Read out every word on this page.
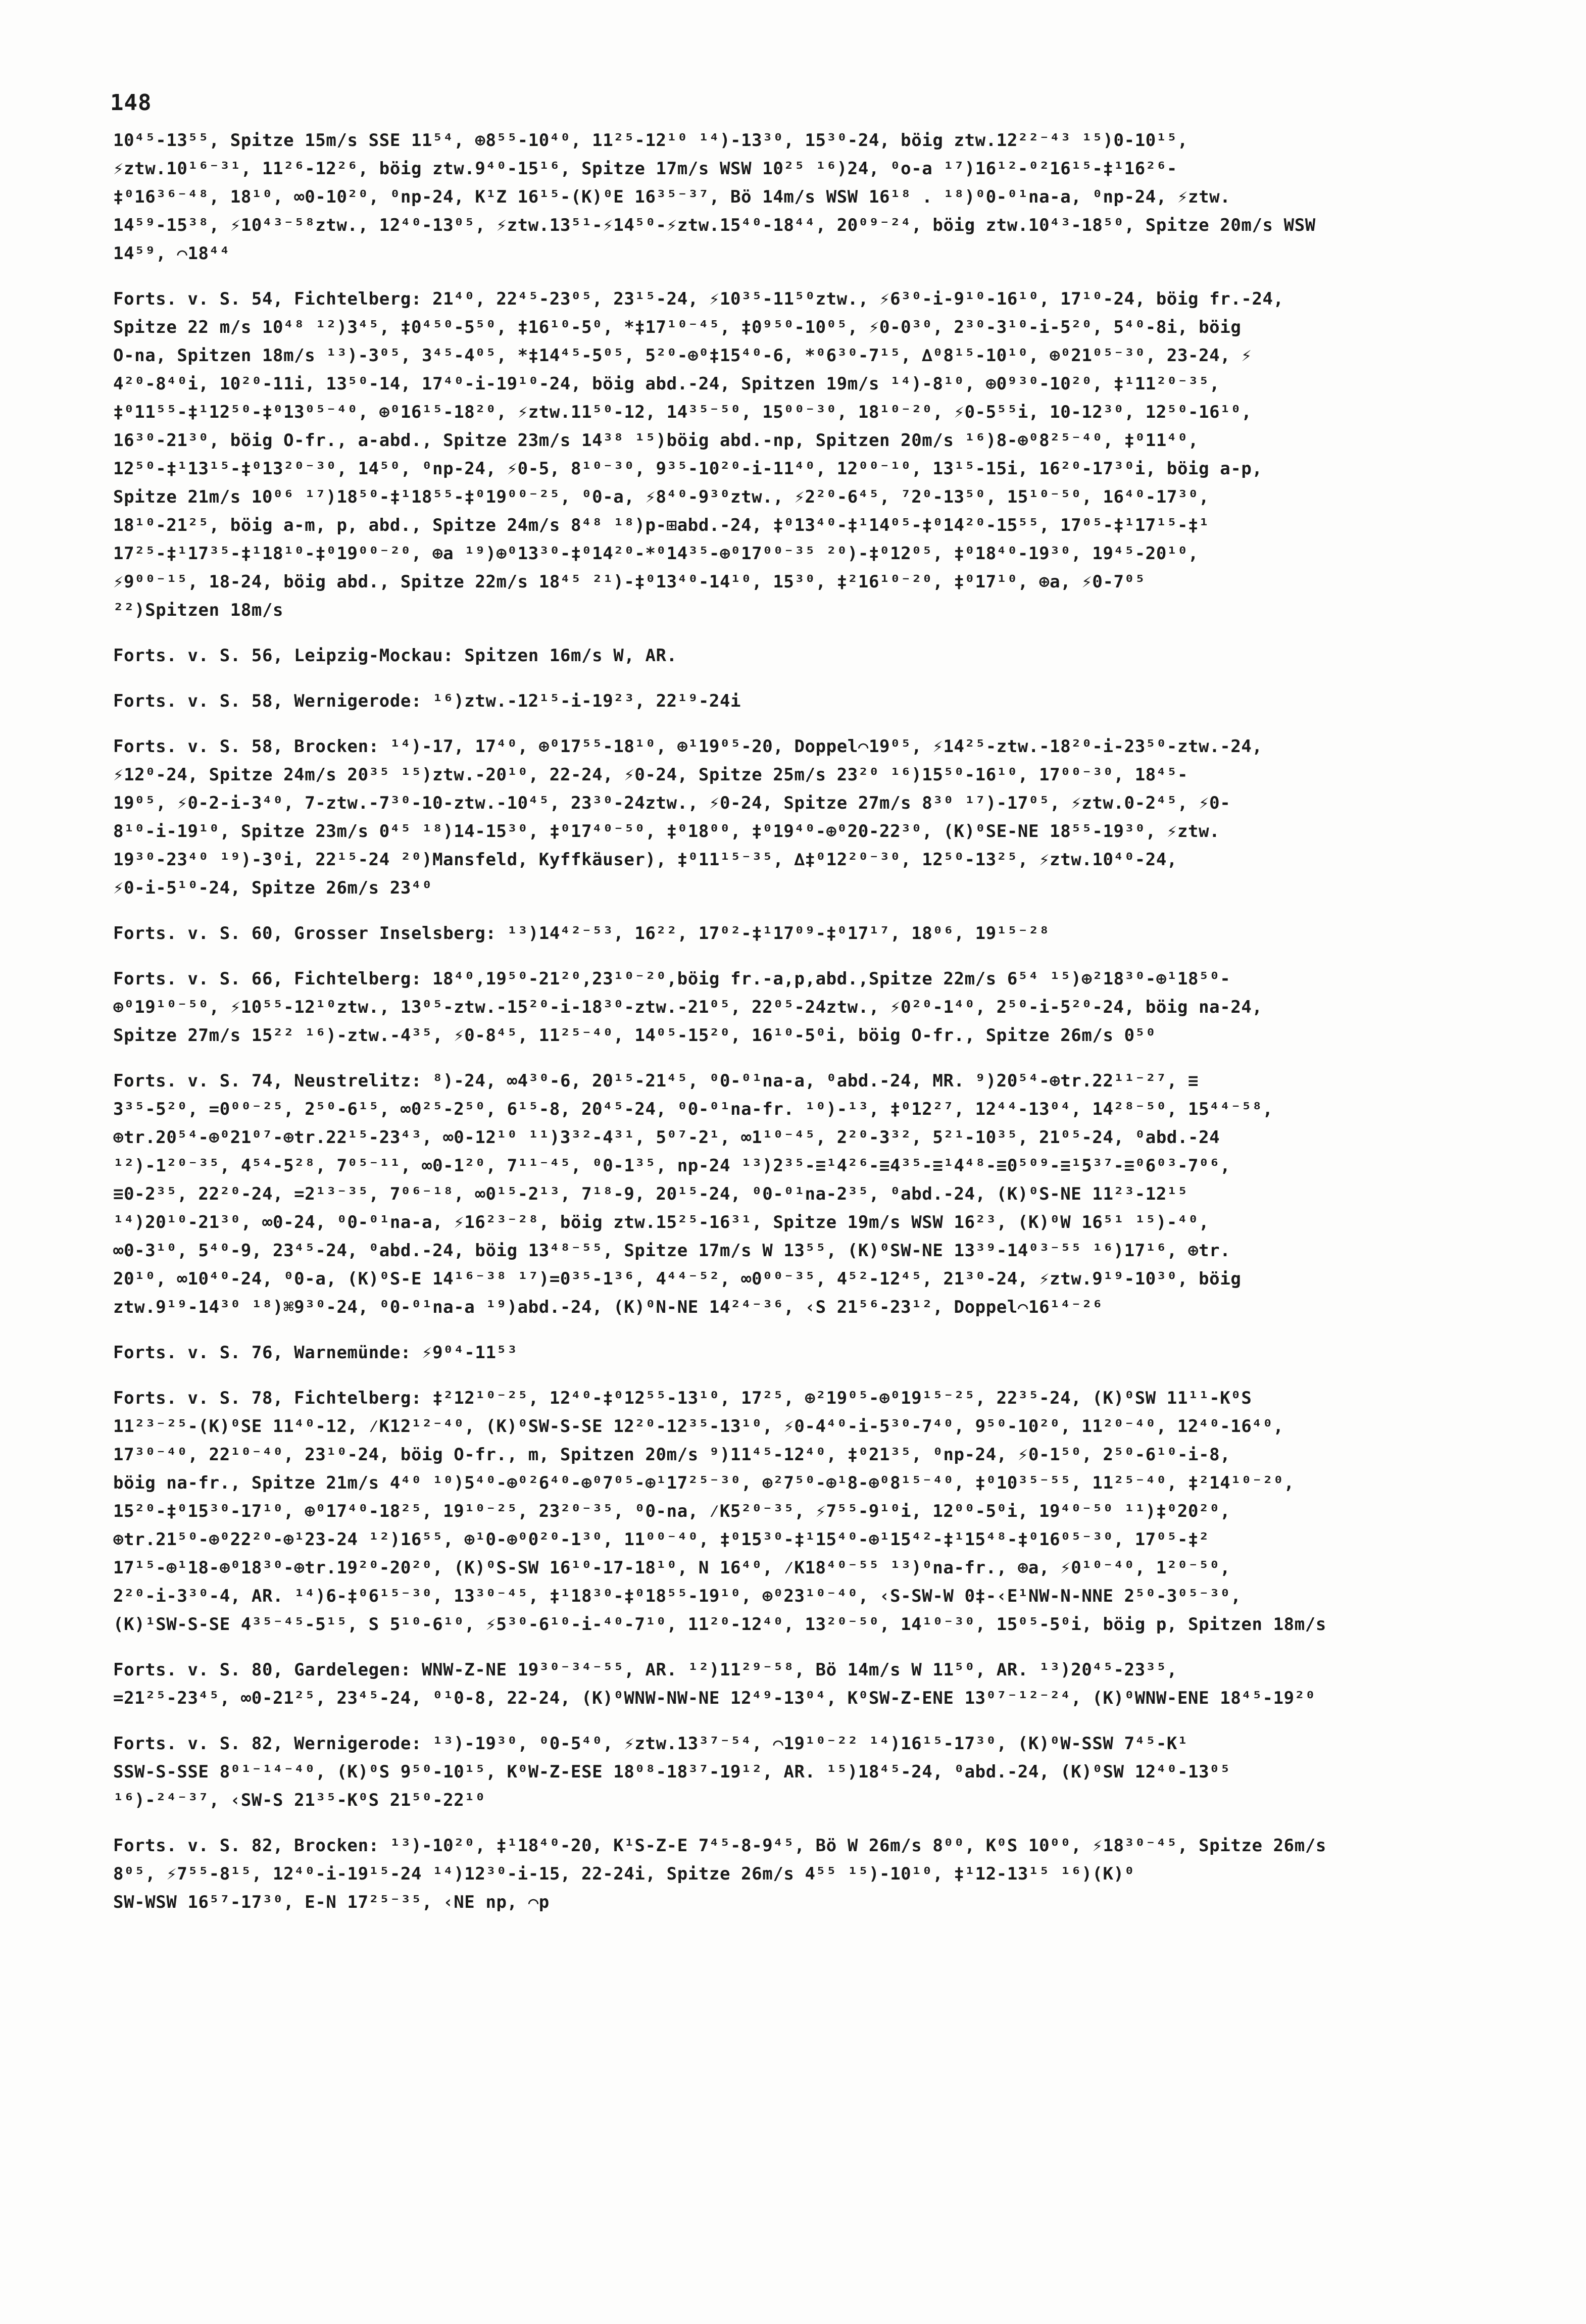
148

10⁴⁵-13⁵⁵, Spitze 15m/s SSE 11⁵⁴, ⊕8⁵⁵-10⁴⁰, 11²⁵-12¹⁰ ¹⁴)-13³⁰, 15³⁰-24, böig ztw.12²²⁻⁴³ ¹⁵)0-10¹⁵,

⚡ztw.10¹⁶⁻³¹, 11²⁶-12²⁶, böig ztw.9⁴⁰-15¹⁶, Spitze 17m/s WSW 10²⁵ ¹⁶)24, ⁰o-a ¹⁷)16¹²-⁰²16¹⁵-‡¹16²⁶-

‡⁰16³⁶⁻⁴⁸, 18¹⁰, ∞0-10²⁰, ⁰np-24, K¹Z 16¹⁵-(K)⁰E 16³⁵⁻³⁷, Bö 14m/s WSW 16¹⁸ . ¹⁸)⁰0-⁰¹na-a, ⁰np-24, ⚡ztw.

14⁵⁹-15³⁸, ⚡10⁴³⁻⁵⁸ztw., 12⁴⁰-13⁰⁵, ⚡ztw.13⁵¹-⚡14⁵⁰-⚡ztw.15⁴⁰-18⁴⁴, 20⁰⁹⁻²⁴, böig ztw.10⁴³-18⁵⁰, Spitze 20m/s WSW

14⁵⁹, ⌒18⁴⁴

Forts. v. S. 54, Fichtelberg: 21⁴⁰, 22⁴⁵-23⁰⁵, 23¹⁵-24, ⚡10³⁵-11⁵⁰ztw., ⚡6³⁰-i-9¹⁰-16¹⁰, 17¹⁰-24, böig fr.-24,

Spitze 22 m/s 10⁴⁸ ¹²)3⁴⁵, ‡0⁴⁵⁰-5⁵⁰, ‡16¹⁰-5⁰, *‡17¹⁰⁻⁴⁵, ‡0⁹⁵⁰-10⁰⁵, ⚡0-0³⁰, 2³⁰-3¹⁰-i-5²⁰, 5⁴⁰-8i, böig

O-na, Spitzen 18m/s ¹³)-3⁰⁵, 3⁴⁵-4⁰⁵, *‡14⁴⁵-5⁰⁵, 5²⁰-⊕⁰‡15⁴⁰-6, *⁰6³⁰-7¹⁵, ∆⁰8¹⁵-10¹⁰, ⊕⁰21⁰⁵⁻³⁰, 23-24, ⚡

4²⁰-8⁴⁰i, 10²⁰-11i, 13⁵⁰-14, 17⁴⁰-i-19¹⁰-24, böig abd.-24, Spitzen 19m/s ¹⁴)-8¹⁰, ⊕0⁹³⁰-10²⁰, ‡¹11²⁰⁻³⁵,

‡⁰11⁵⁵-‡¹12⁵⁰-‡⁰13⁰⁵⁻⁴⁰, ⊕⁰16¹⁵-18²⁰, ⚡ztw.11⁵⁰-12, 14³⁵⁻⁵⁰, 15⁰⁰⁻³⁰, 18¹⁰⁻²⁰, ⚡0-5⁵⁵i, 10-12³⁰, 12⁵⁰-16¹⁰,

16³⁰-21³⁰, böig O-fr., a-abd., Spitze 23m/s 14³⁸ ¹⁵)böig abd.-np, Spitzen 20m/s ¹⁶)8-⊕⁰8²⁵⁻⁴⁰, ‡⁰11⁴⁰,

12⁵⁰-‡¹13¹⁵-‡⁰13²⁰⁻³⁰, 14⁵⁰, ⁰np-24, ⚡0-5, 8¹⁰⁻³⁰, 9³⁵-10²⁰-i-11⁴⁰, 12⁰⁰⁻¹⁰, 13¹⁵-15i, 16²⁰-17³⁰i, böig a-p,

Spitze 21m/s 10⁰⁶ ¹⁷)18⁵⁰-‡¹18⁵⁵-‡⁰19⁰⁰⁻²⁵, ⁰0-a, ⚡8⁴⁰-9³⁰ztw., ⚡2²⁰-6⁴⁵, ⁷2⁰-13⁵⁰, 15¹⁰⁻⁵⁰, 16⁴⁰-17³⁰,

18¹⁰-21²⁵, böig a-m, p, abd., Spitze 24m/s 8⁴⁸ ¹⁸)p-⊞abd.-24, ‡⁰13⁴⁰-‡¹14⁰⁵-‡⁰14²⁰-15⁵⁵, 17⁰⁵-‡¹17¹⁵-‡¹

17²⁵-‡¹17³⁵-‡¹18¹⁰-‡⁰19⁰⁰⁻²⁰, ⊕a ¹⁹)⊕⁰13³⁰-‡⁰14²⁰-*⁰14³⁵-⊕⁰17⁰⁰⁻³⁵ ²⁰)-‡⁰12⁰⁵, ‡⁰18⁴⁰-19³⁰, 19⁴⁵-20¹⁰,

⚡9⁰⁰⁻¹⁵, 18-24, böig abd., Spitze 22m/s 18⁴⁵ ²¹)-‡⁰13⁴⁰-14¹⁰, 15³⁰, ‡²16¹⁰⁻²⁰, ‡⁰17¹⁰, ⊕a, ⚡0-7⁰⁵

²²)Spitzen 18m/s

Forts. v. S. 56, Leipzig-Mockau: Spitzen 16m/s W, AR.

Forts. v. S. 58, Wernigerode: ¹⁶)ztw.-12¹⁵-i-19²³, 22¹⁹-24i

Forts. v. S. 58, Brocken: ¹⁴)-17, 17⁴⁰, ⊕⁰17⁵⁵-18¹⁰, ⊕¹19⁰⁵-20, Doppel⌒19⁰⁵, ⚡14²⁵-ztw.-18²⁰-i-23⁵⁰-ztw.-24,

⚡12⁰-24, Spitze 24m/s 20³⁵ ¹⁵)ztw.-20¹⁰, 22-24, ⚡0-24, Spitze 25m/s 23²⁰ ¹⁶)15⁵⁰-16¹⁰, 17⁰⁰⁻³⁰, 18⁴⁵-

19⁰⁵, ⚡0-2-i-3⁴⁰, 7-ztw.-7³⁰-10-ztw.-10⁴⁵, 23³⁰-24ztw., ⚡0-24, Spitze 27m/s 8³⁰ ¹⁷)-17⁰⁵, ⚡ztw.0-2⁴⁵, ⚡0-

8¹⁰-i-19¹⁰, Spitze 23m/s 0⁴⁵ ¹⁸)14-15³⁰, ‡⁰17⁴⁰⁻⁵⁰, ‡⁰18⁰⁰, ‡⁰19⁴⁰-⊕⁰20-22³⁰, (K)⁰SE-NE 18⁵⁵-19³⁰, ⚡ztw.

19³⁰-23⁴⁰ ¹⁹)-3⁰i, 22¹⁵-24 ²⁰)Mansfeld, Kyffkäuser), ‡⁰11¹⁵⁻³⁵, ∆‡⁰12²⁰⁻³⁰, 12⁵⁰-13²⁵, ⚡ztw.10⁴⁰-24,

⚡0-i-5¹⁰-24, Spitze 26m/s 23⁴⁰

Forts. v. S. 60, Grosser Inselsberg: ¹³)14⁴²⁻⁵³, 16²², 17⁰²-‡¹17⁰⁹-‡⁰17¹⁷, 18⁰⁶, 19¹⁵⁻²⁸

Forts. v. S. 66, Fichtelberg: 18⁴⁰,19⁵⁰-21²⁰,23¹⁰⁻²⁰,böig fr.-a,p,abd.,Spitze 22m/s 6⁵⁴ ¹⁵)⊕²18³⁰-⊕¹18⁵⁰-

⊕⁰19¹⁰⁻⁵⁰, ⚡10⁵⁵-12¹⁰ztw., 13⁰⁵-ztw.-15²⁰-i-18³⁰-ztw.-21⁰⁵, 22⁰⁵-24ztw., ⚡0²⁰-1⁴⁰, 2⁵⁰-i-5²⁰-24, böig na-24,

Spitze 27m/s 15²² ¹⁶)-ztw.-4³⁵, ⚡0-8⁴⁵, 11²⁵⁻⁴⁰, 14⁰⁵-15²⁰, 16¹⁰-5⁰i, böig O-fr., Spitze 26m/s 0⁵⁰

Forts. v. S. 74, Neustrelitz: ⁸)-24, ∞4³⁰-6, 20¹⁵-21⁴⁵, ⁰0-⁰¹na-a, ⁰abd.-24, MR. ⁹)20⁵⁴-⊕tr.22¹¹⁻²⁷, ≡

3³⁵-5²⁰, =0⁰⁰⁻²⁵, 2⁵⁰-6¹⁵, ∞0²⁵-2⁵⁰, 6¹⁵-8, 20⁴⁵-24, ⁰0-⁰¹na-fr. ¹⁰)-¹³, ‡⁰12²⁷, 12⁴⁴-13⁰⁴, 14²⁸⁻⁵⁰, 15⁴⁴⁻⁵⁸,

⊕tr.20⁵⁴-⊕⁰21⁰⁷-⊕tr.22¹⁵-23⁴³, ∞0-12¹⁰ ¹¹)3³²-4³¹, 5⁰⁷-2¹, ∞1¹⁰⁻⁴⁵, 2²⁰-3³², 5²¹-10³⁵, 21⁰⁵-24, ⁰abd.-24

¹²)-1²⁰⁻³⁵, 4⁵⁴-5²⁸, 7⁰⁵⁻¹¹, ∞0-1²⁰, 7¹¹⁻⁴⁵, ⁰0-1³⁵, np-24 ¹³)2³⁵-≡¹4²⁶-≡4³⁵-≡¹4⁴⁸-≡0⁵⁰⁹-≡¹5³⁷-≡⁰6⁰³-7⁰⁶,

≡0-2³⁵, 22²⁰-24, =2¹³⁻³⁵, 7⁰⁶⁻¹⁸, ∞0¹⁵-2¹³, 7¹⁸-9, 20¹⁵-24, ⁰0-⁰¹na-2³⁵, ⁰abd.-24, (K)⁰S-NE 11²³-12¹⁵

¹⁴)20¹⁰-21³⁰, ∞0-24, ⁰0-⁰¹na-a, ⚡16²³⁻²⁸, böig ztw.15²⁵-16³¹, Spitze 19m/s WSW 16²³, (K)⁰W 16⁵¹ ¹⁵)-⁴⁰,

∞0-3¹⁰, 5⁴⁰-9, 23⁴⁵-24, ⁰abd.-24, böig 13⁴⁸⁻⁵⁵, Spitze 17m/s W 13⁵⁵, (K)⁰SW-NE 13³⁹-14⁰³⁻⁵⁵ ¹⁶)17¹⁶, ⊕tr.

20¹⁰, ∞10⁴⁰-24, ⁰0-a, (K)⁰S-E 14¹⁶⁻³⁸ ¹⁷)=0³⁵-1³⁶, 4⁴⁴⁻⁵², ∞0⁰⁰⁻³⁵, 4⁵²-12⁴⁵, 21³⁰-24, ⚡ztw.9¹⁹-10³⁰, böig

ztw.9¹⁹-14³⁰ ¹⁸)⌘9³⁰-24, ⁰0-⁰¹na-a ¹⁹)abd.-24, (K)⁰N-NE 14²⁴⁻³⁶, ‹S 21⁵⁶-23¹², Doppel⌒16¹⁴⁻²⁶

Forts. v. S. 76, Warnemünde: ⚡9⁰⁴-11⁵³

Forts. v. S. 78, Fichtelberg: ‡²12¹⁰⁻²⁵, 12⁴⁰-‡⁰12⁵⁵-13¹⁰, 17²⁵, ⊕²19⁰⁵-⊕⁰19¹⁵⁻²⁵, 22³⁵-24, (K)⁰SW 11¹¹-K⁰S

11²³⁻²⁵-(K)⁰SE 11⁴⁰-12, ⁄K12¹²⁻⁴⁰, (K)⁰SW-S-SE 12²⁰-12³⁵-13¹⁰, ⚡0-4⁴⁰-i-5³⁰-7⁴⁰, 9⁵⁰-10²⁰, 11²⁰⁻⁴⁰, 12⁴⁰-16⁴⁰,

17³⁰⁻⁴⁰, 22¹⁰⁻⁴⁰, 23¹⁰-24, böig O-fr., m, Spitzen 20m/s ⁹)11⁴⁵-12⁴⁰, ‡⁰21³⁵, ⁰np-24, ⚡0-1⁵⁰, 2⁵⁰-6¹⁰-i-8,

böig na-fr., Spitze 21m/s 4⁴⁰ ¹⁰)5⁴⁰-⊕⁰²6⁴⁰-⊕⁰7⁰⁵-⊕¹17²⁵⁻³⁰, ⊕²7⁵⁰-⊕¹8-⊕⁰8¹⁵⁻⁴⁰, ‡⁰10³⁵⁻⁵⁵, 11²⁵⁻⁴⁰, ‡²14¹⁰⁻²⁰,

15²⁰-‡⁰15³⁰-17¹⁰, ⊕⁰17⁴⁰-18²⁵, 19¹⁰⁻²⁵, 23²⁰⁻³⁵, ⁰0-na, ⁄K5²⁰⁻³⁵, ⚡7⁵⁵-9¹⁰i, 12⁰⁰-5⁰i, 19⁴⁰⁻⁵⁰ ¹¹)‡⁰20²⁰,

⊕tr.21⁵⁰-⊕⁰22²⁰-⊕¹23-24 ¹²)16⁵⁵, ⊕¹0-⊕⁰0²⁰-1³⁰, 11⁰⁰⁻⁴⁰, ‡⁰15³⁰-‡¹15⁴⁰-⊕¹15⁴²-‡¹15⁴⁸-‡⁰16⁰⁵⁻³⁰, 17⁰⁵-‡²

17¹⁵-⊕¹18-⊕⁰18³⁰-⊕tr.19²⁰-20²⁰, (K)⁰S-SW 16¹⁰-17-18¹⁰, N 16⁴⁰, ⁄K18⁴⁰⁻⁵⁵ ¹³)⁰na-fr., ⊕a, ⚡0¹⁰⁻⁴⁰, 1²⁰⁻⁵⁰,

2²⁰-i-3³⁰-4, AR. ¹⁴)6-‡⁰6¹⁵⁻³⁰, 13³⁰⁻⁴⁵, ‡¹18³⁰-‡⁰18⁵⁵-19¹⁰, ⊕⁰23¹⁰⁻⁴⁰, ‹S-SW-W 0‡-‹E¹NW-N-NNE 2⁵⁰-3⁰⁵⁻³⁰,

(K)¹SW-S-SE 4³⁵⁻⁴⁵-5¹⁵, S 5¹⁰-6¹⁰, ⚡5³⁰-6¹⁰-i-⁴⁰-7¹⁰, 11²⁰-12⁴⁰, 13²⁰⁻⁵⁰, 14¹⁰⁻³⁰, 15⁰⁵-5⁰i, böig p, Spitzen 18m/s

Forts. v. S. 80, Gardelegen: WNW-Z-NE 19³⁰⁻³⁴⁻⁵⁵, AR. ¹²)11²⁹⁻⁵⁸, Bö 14m/s W 11⁵⁰, AR. ¹³)20⁴⁵-23³⁵,

=21²⁵-23⁴⁵, ∞0-21²⁵, 23⁴⁵-24, ⁰¹0-8, 22-24, (K)⁰WNW-NW-NE 12⁴⁹-13⁰⁴, K⁰SW-Z-ENE 13⁰⁷⁻¹²⁻²⁴, (K)⁰WNW-ENE 18⁴⁵-19²⁰

Forts. v. S. 82, Wernigerode: ¹³)-19³⁰, ⁰0-5⁴⁰, ⚡ztw.13³⁷⁻⁵⁴, ⌒19¹⁰⁻²² ¹⁴)16¹⁵-17³⁰, (K)⁰W-SSW 7⁴⁵-K¹

SSW-S-SSE 8⁰¹⁻¹⁴⁻⁴⁰, (K)⁰S 9⁵⁰-10¹⁵, K⁰W-Z-ESE 18⁰⁸-18³⁷-19¹², AR. ¹⁵)18⁴⁵-24, ⁰abd.-24, (K)⁰SW 12⁴⁰-13⁰⁵

¹⁶)-²⁴⁻³⁷, ‹SW-S 21³⁵-K⁰S 21⁵⁰-22¹⁰

Forts. v. S. 82, Brocken: ¹³)-10²⁰, ‡¹18⁴⁰-20, K¹S-Z-E 7⁴⁵-8-9⁴⁵, Bö W 26m/s 8⁰⁰, K⁰S 10⁰⁰, ⚡18³⁰⁻⁴⁵, Spitze 26m/s

8⁰⁵, ⚡7⁵⁵-8¹⁵, 12⁴⁰-i-19¹⁵-24 ¹⁴)12³⁰-i-15, 22-24i, Spitze 26m/s 4⁵⁵ ¹⁵)-10¹⁰, ‡¹12-13¹⁵ ¹⁶)(K)⁰

SW-WSW 16⁵⁷-17³⁰, E-N 17²⁵⁻³⁵, ‹NE np, ⌒p
